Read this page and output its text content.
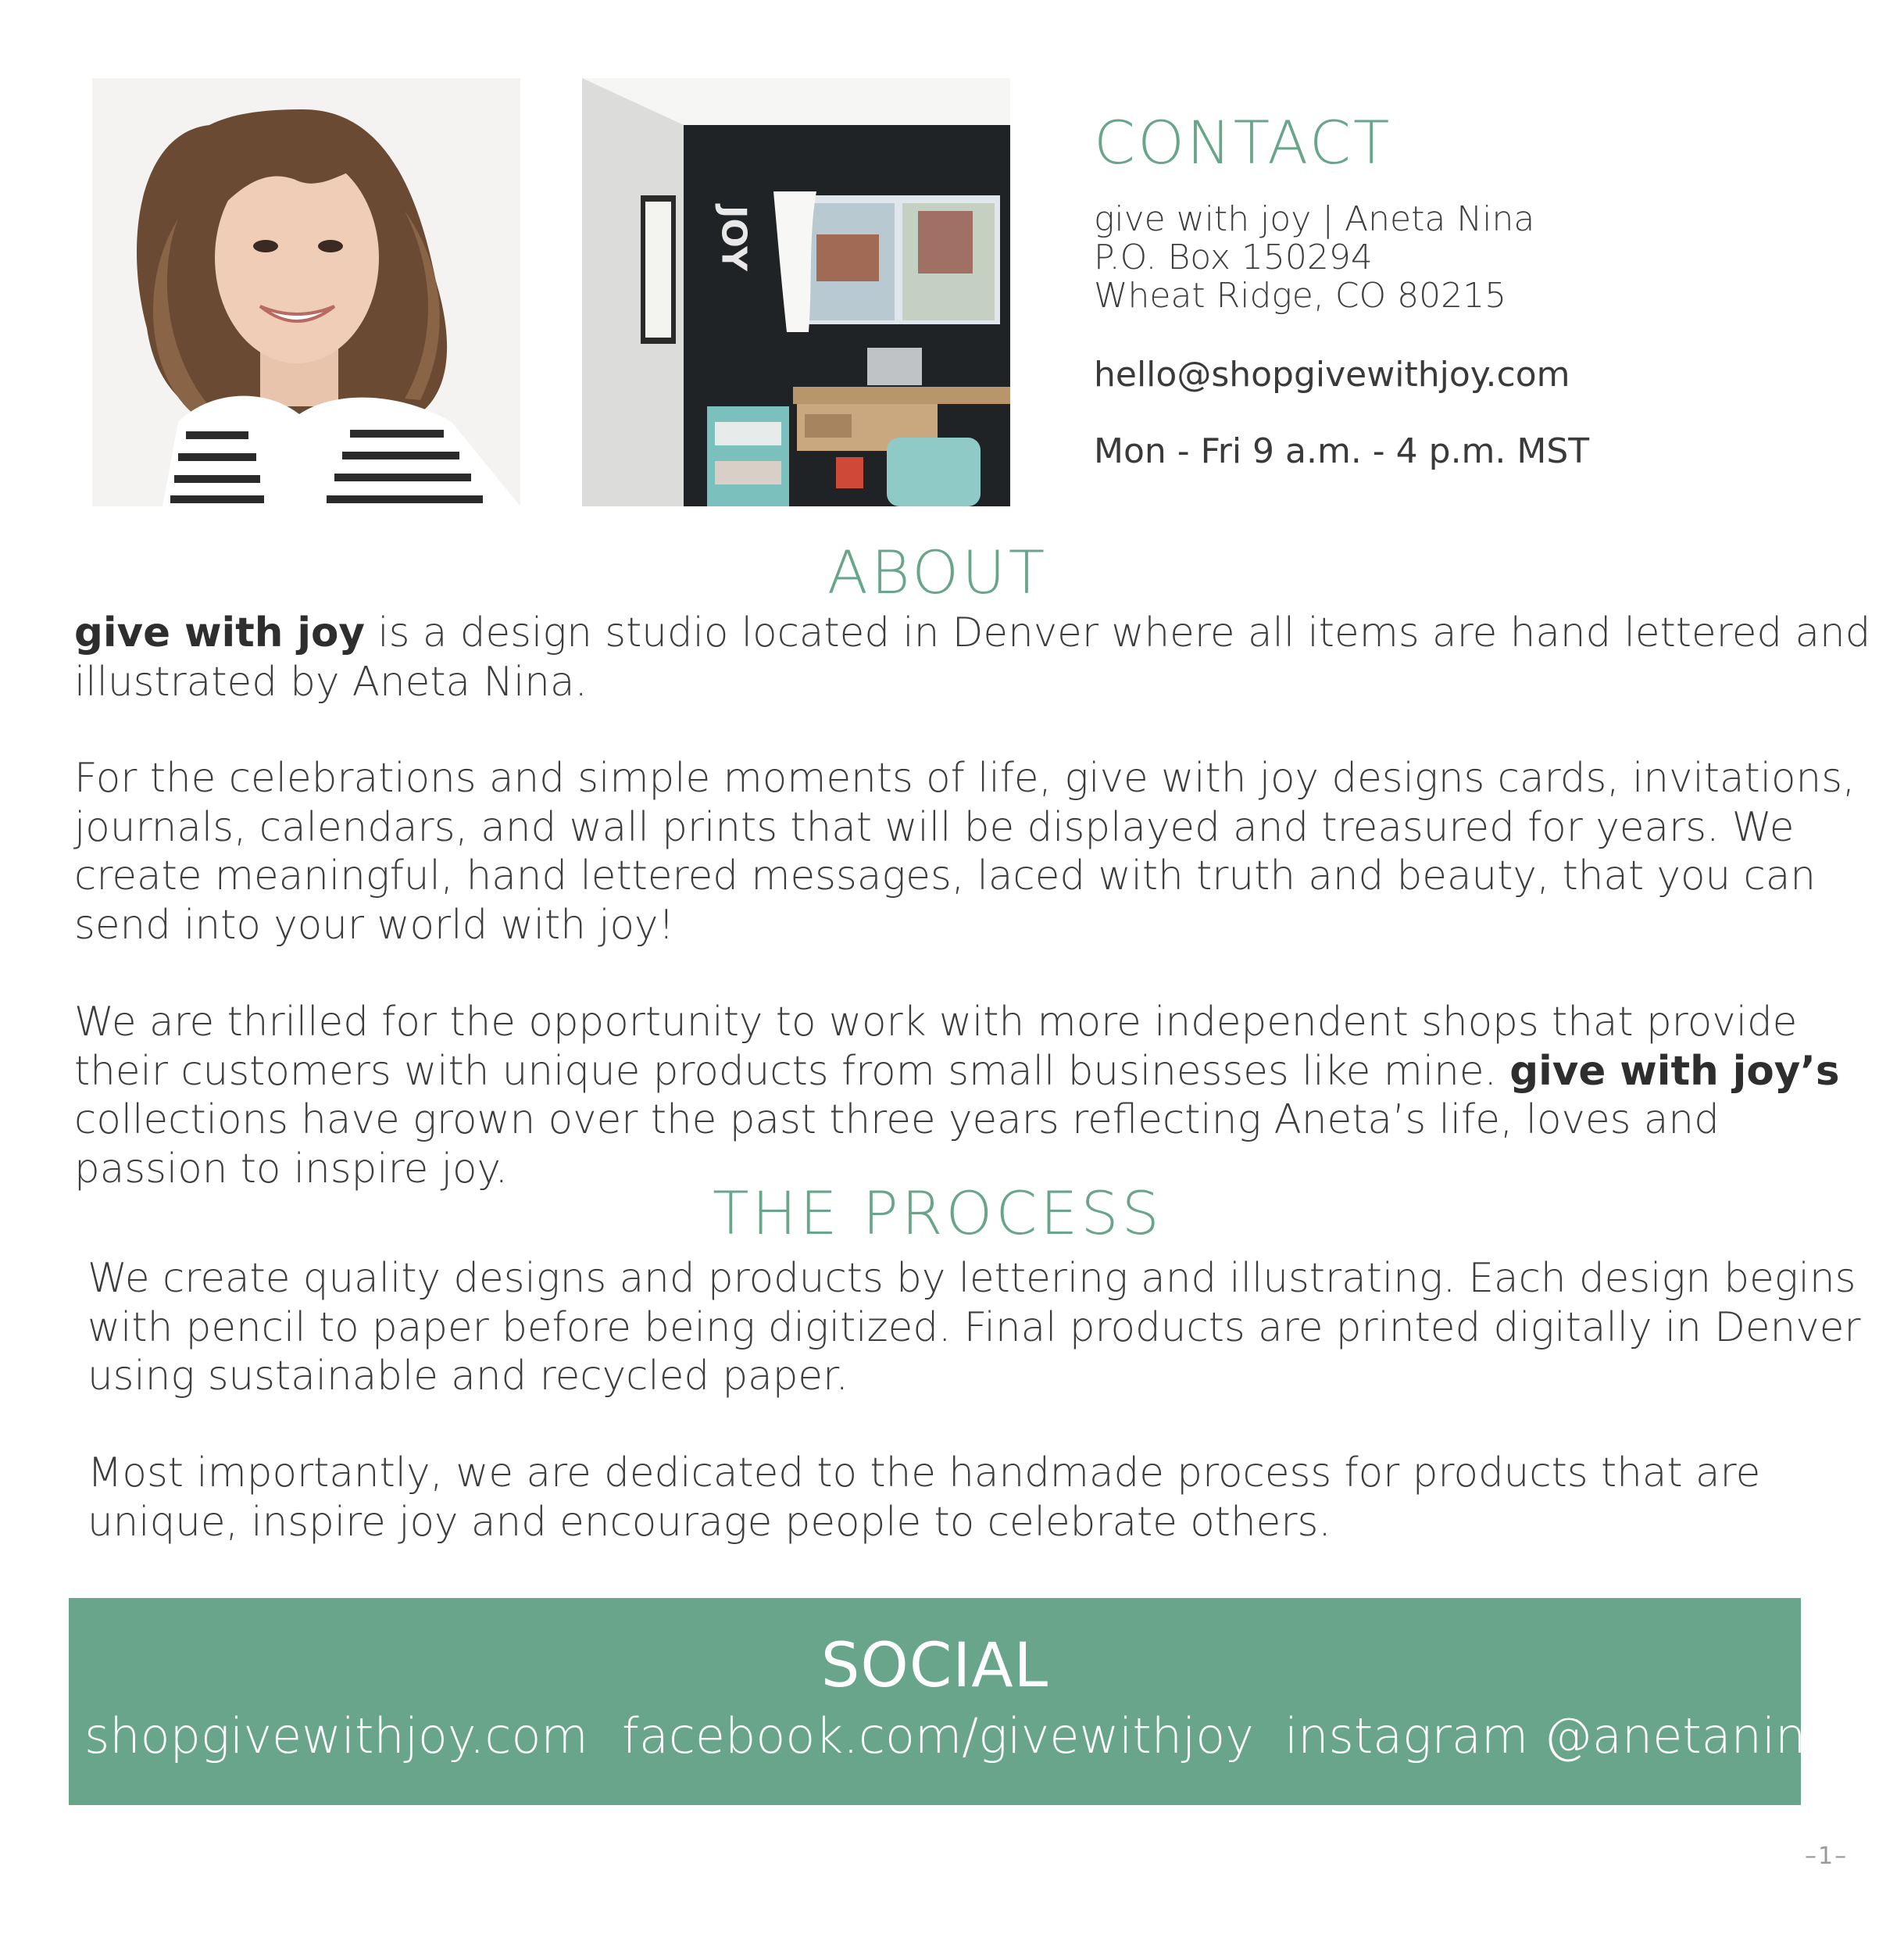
JOY
CONTACT
give with joy | Aneta Nina
P.O. Box 150294
Wheat Ridge, CO 80215
hello@shopgivewithjoy.com
Mon - Fri 9 a.m. - 4 p.m. MST
ABOUT

give with joy is a design studio located in Denver where all items are hand lettered and illustrated by Aneta Nina.

For the celebrations and simple moments of life, give with joy designs cards, invitations, journals, calendars, and wall prints that will be displayed and treasured for years. We create meaningful, hand lettered messages, laced with truth and beauty, that you can send into your world with joy!

We are thrilled for the opportunity to work with more independent shops that provide their customers with unique products from small businesses like mine. give with joy’s collections have grown over the past three years reflecting Aneta’s life, loves and passion to inspire joy.

THE PROCESS

We create quality designs and products by lettering and illustrating. Each design begins with pencil to paper before being digitized. Final products are printed digitally in Denver using sustainable and recycled paper.

Most importantly, we are dedicated to the handmade process for products that are unique, inspire joy and encourage people to celebrate others.

SOCIAL
shopgivewithjoy.com facebook.com/givewithjoy instagram @anetanina
–1–
